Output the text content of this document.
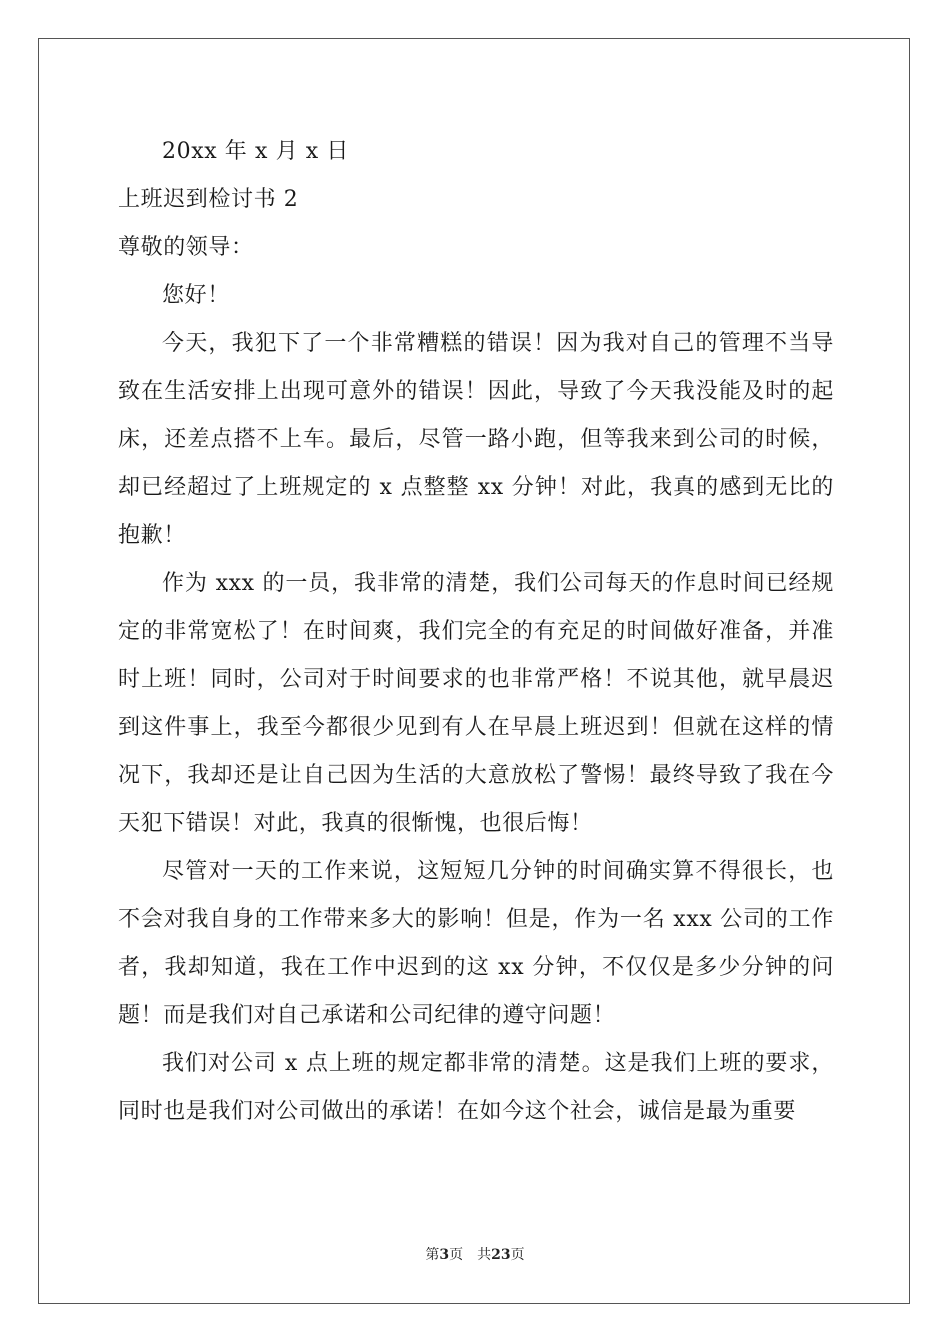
20xx 年 x 月 x 日
上班迟到检讨书 2
尊敬的领导：
您好！

今天，我犯下了一个非常糟糕的错误！因为我对自己的管理不当导致在生活安排上出现可意外的错误！因此，导致了今天我没能及时的起床，还差点搭不上车。最后，尽管一路小跑，但等我来到公司的时候，却已经超过了上班规定的 x 点整整 xx 分钟！对此，我真的感到无比的抱歉！

作为 xxx 的一员，我非常的清楚，我们公司每天的作息时间已经规定的非常宽松了！在时间爽，我们完全的有充足的时间做好准备，并准时上班！同时，公司对于时间要求的也非常严格！不说其他，就早晨迟到这件事上，我至今都很少见到有人在早晨上班迟到！但就在这样的情况下，我却还是让自己因为生活的大意放松了警惕！最终导致了我在今天犯下错误！对此，我真的很惭愧，也很后悔！

尽管对一天的工作来说，这短短几分钟的时间确实算不得很长，也不会对我自身的工作带来多大的影响！但是，作为一名 xxx 公司的工作者，我却知道，我在工作中迟到的这 xx 分钟，不仅仅是多少分钟的问题！而是我们对自己承诺和公司纪律的遵守问题！

我们对公司 x 点上班的规定都非常的清楚。这是我们上班的要求，同时也是我们对公司做出的承诺！在如今这个社会，诚信是最为重要

第3页　共23页
